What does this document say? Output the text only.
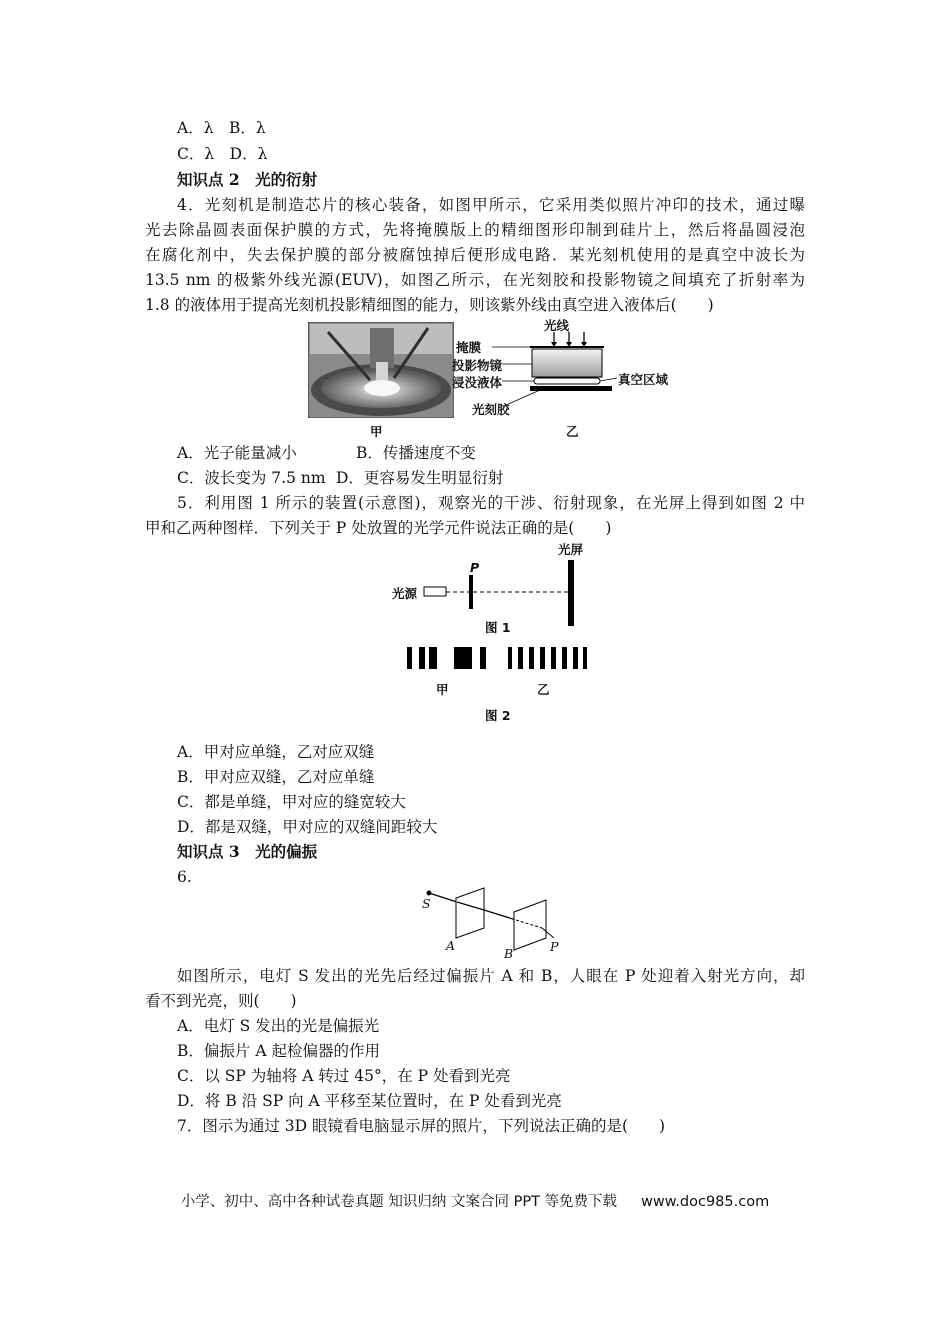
A．λ　B．λ
C．λ　D．λ
知识点 2　光的衍射
4．光刻机是制造芯片的核心装备，如图甲所示，它采用类似照片冲印的技术，通过曝
光去除晶圆表面保护膜的方式，先将掩膜版上的精细图形印制到硅片上，然后将晶圆浸泡
在腐化剂中，失去保护膜的部分被腐蚀掉后便形成电路．某光刻机使用的是真空中波长为
13.5 nm 的极紫外线光源(EUV)，如图乙所示，在光刻胶和投影物镜之间填充了折射率为
1.8 的液体用于提高光刻机投影精细图的能力，则该紫外线由真空进入液体后(　　)
甲
光线
掩膜
投影物镜
浸没液体	真空区域
光刻胶
乙
A．光子能量减小	B．传播速度不变
C．波长变为 7.5 nm D．更容易发生明显衍射
5．利用图 1 所示的装置(示意图)，观察光的干涉、衍射现象，在光屏上得到如图 2 中
甲和乙两种图样．下列关于 P 处放置的光学元件说法正确的是(　　)
光源
P
光屏
图 1
甲	乙
图 2
A．甲对应单缝，乙对应双缝
B．甲对应双缝，乙对应单缝
C．都是单缝，甲对应的缝宽较大
D．都是双缝，甲对应的双缝间距较大
知识点 3　光的偏振
6.
S
A
B	P
如图所示，电灯 S 发出的光先后经过偏振片 A 和 B，人眼在 P 处迎着入射光方向，却
看不到光亮，则(　　)
A．电灯 S 发出的光是偏振光
B．偏振片 A 起检偏器的作用
C．以 SP 为轴将 A 转过 45°，在 P 处看到光亮
D．将 B 沿 SP 向 A 平移至某位置时，在 P 处看到光亮
7．图示为通过 3D 眼镜看电脑显示屏的照片，下列说法正确的是(　　)
小学、初中、高中各种试卷真题 知识归纳 文案合同 PPT 等免费下载 www.doc985.com
